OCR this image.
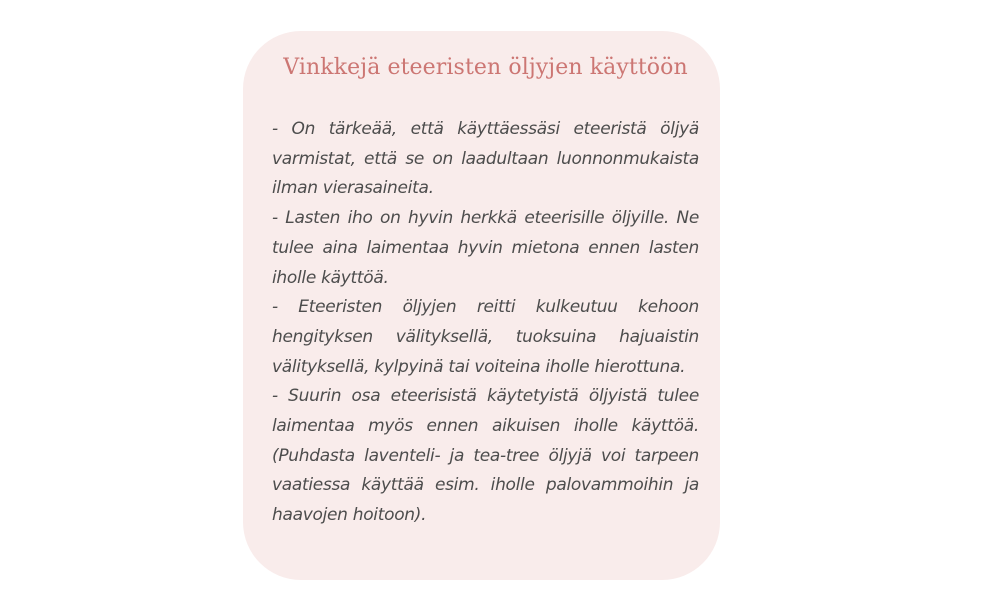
Vinkkejä eteeristen öljyjen käyttöön

- On tärkeää, että käyttäessäsi eteeristä öljyä varmistat, että se on laadultaan luonnonmukaista ilman vierasaineita.

- Lasten iho on hyvin herkkä eteerisille öljyille. Ne tulee aina laimentaa hyvin mietona ennen lasten iholle käyttöä.

- Eteeristen öljyjen reitti kulkeutuu kehoon hengityksen välityksellä, tuoksuina hajuaistin välityksellä, kylpyinä tai voiteina iholle hierottuna.

- Suurin osa eteerisistä käytetyistä öljyistä tulee laimentaa myös ennen aikuisen iholle käyttöä. (Puhdasta laventeli- ja tea-tree öljyjä voi tarpeen vaatiessa käyttää esim. iholle palovammoihin ja haavojen hoitoon).
